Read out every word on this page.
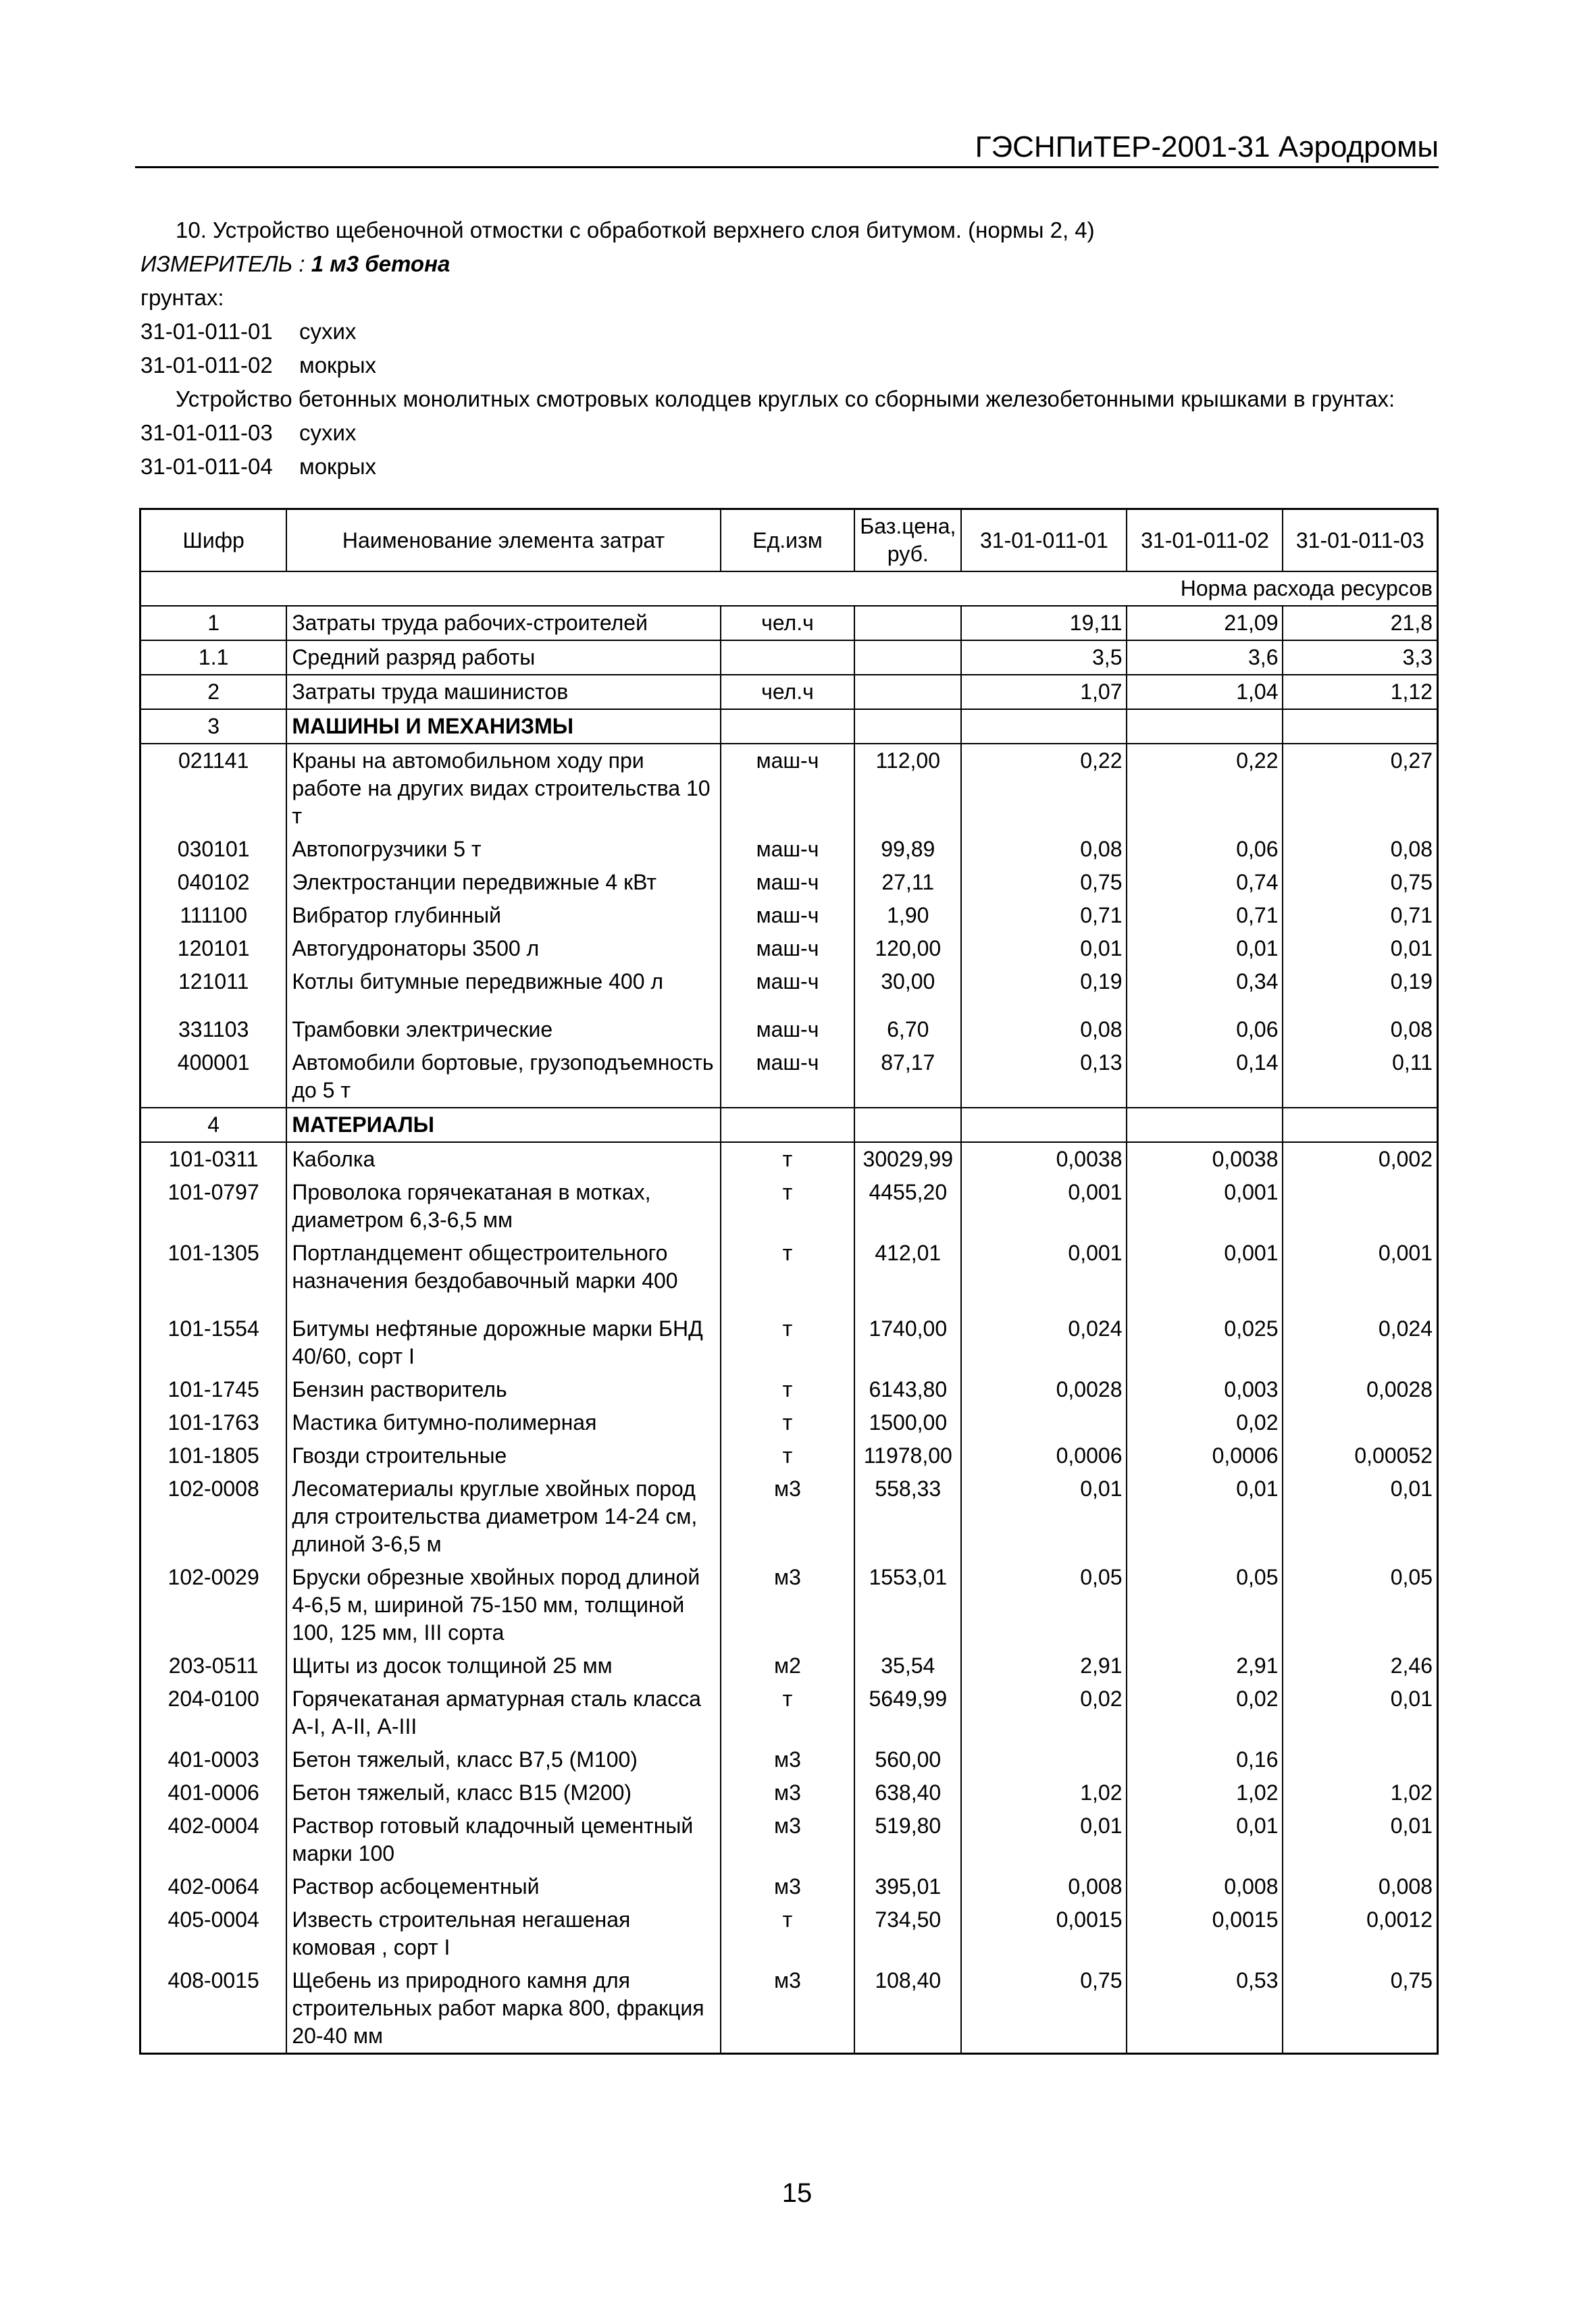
ГЭСНПиТЕР-2001-31 Аэродромы
10. Устройство щебеночной отмостки с обработкой верхнего слоя битумом. (нормы 2, 4)
ИЗМЕРИТЕЛЬ : 1 м3 бетона
грунтах:
31-01-011-01 сухих
31-01-011-02 мокрых
Устройство бетонных монолитных смотровых колодцев круглых со сборными железобетонными крышками в грунтах:
31-01-011-03 сухих
31-01-011-04 мокрых
Шифр	Наименование элемента затрат	Ед.изм	Баз.цена, руб.	31-01-011-01	31-01-011-02	31-01-011-03
Норма расхода ресурсов						
1	Затраты труда рабочих-строителей	чел.ч		19,11	21,09	21,8
1.1	Средний разряд работы			3,5	3,6	3,3
2	Затраты труда машинистов	чел.ч		1,07	1,04	1,12
3	МАШИНЫ И МЕХАНИЗМЫ					
021141	Краны на автомобильном ходу при работе на других видах строительства 10 т	маш-ч	112,00	0,22	0,22	0,27
030101	Автопогрузчики 5 т	маш-ч	99,89	0,08	0,06	0,08
040102	Электростанции передвижные 4 кВт	маш-ч	27,11	0,75	0,74	0,75
111100	Вибратор глубинный	маш-ч	1,90	0,71	0,71	0,71
120101	Автогудронаторы 3500 л	маш-ч	120,00	0,01	0,01	0,01
121011	Котлы битумные передвижные 400 л	маш-ч	30,00	0,19	0,34	0,19

331103	Трамбовки электрические	маш-ч	6,70	0,08	0,06	0,08
400001	Автомобили бортовые, грузоподъемность до 5 т	маш-ч	87,17	0,13	0,14	0,11
4	МАТЕРИАЛЫ					
101-0311	Каболка	т	30029,99	0,0038	0,0038	0,002
101-0797	Проволока горячекатаная в мотках, диаметром 6,3-6,5 мм	т	4455,20	0,001	0,001	
101-1305	Портландцемент общестроительного назначения бездобавочный марки 400	т	412,01	0,001	0,001	0,001

101-1554	Битумы нефтяные дорожные марки БНД 40/60, сорт I	т	1740,00	0,024	0,025	0,024
101-1745	Бензин растворитель	т	6143,80	0,0028	0,003	0,0028
101-1763	Мастика битумно-полимерная	т	1500,00		0,02	
101-1805	Гвозди строительные	т	11978,00	0,0006	0,0006	0,00052
102-0008	Лесоматериалы круглые хвойных пород для строительства диаметром 14-24 см, длиной 3-6,5 м	м3	558,33	0,01	0,01	0,01
102-0029	Бруски обрезные хвойных пород длиной 4-6,5 м, шириной 75-150 мм, толщиной 100, 125 мм, III сорта	м3	1553,01	0,05	0,05	0,05
203-0511	Щиты из досок толщиной 25 мм	м2	35,54	2,91	2,91	2,46
204-0100	Горячекатаная арматурная сталь класса А-I, А-II, А-III	т	5649,99	0,02	0,02	0,01
401-0003	Бетон тяжелый, класс В7,5 (М100)	м3	560,00		0,16	
401-0006	Бетон тяжелый, класс В15 (М200)	м3	638,40	1,02	1,02	1,02
402-0004	Раствор готовый кладочный цементный марки 100	м3	519,80	0,01	0,01	0,01
402-0064	Раствор асбоцементный	м3	395,01	0,008	0,008	0,008
405-0004	Известь строительная негашеная комовая , сорт I	т	734,50	0,0015	0,0015	0,0012
408-0015	Щебень из природного камня для строительных работ марка 800, фракция 20-40 мм	м3	108,40	0,75	0,53	0,75
15
